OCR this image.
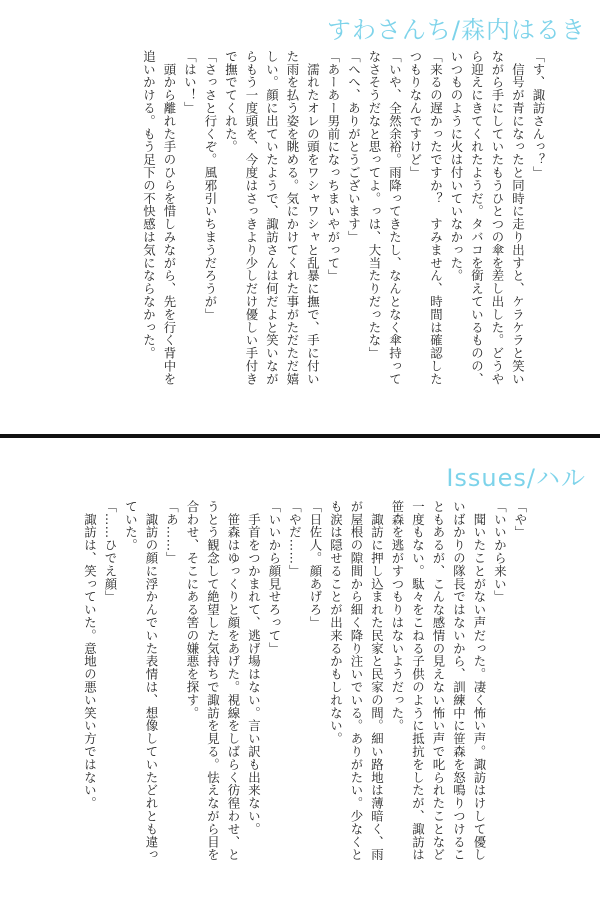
すわさんち/森内はるき
「す、諏訪さんっ？」
　信号が青になったと同時に走り出すと、ケラケラと笑い
ながら手にしていたもうひとつの傘を差し出した。どうや
ら迎えにきてくれたようだ。タバコを銜えているものの、
いつものように火は付いていなかった。
「来るの遅かったですか？　すみません、時間は確認した
つもりなんですけど」
「いや、全然余裕。雨降ってきたし、なんとなく傘持って
なさそうだなと思ってよ。っは、大当たりだったな」
「へへ、ありがとうございます」
「あーあー男前になっちまいやがって」
　濡れたオレの頭をワシャワシャと乱暴に撫で、手に付い
た雨を払う姿を眺める。気にかけてくれた事がただただ嬉
しい。顔に出ていたようで、諏訪さんは何だよと笑いなが
らもう一度頭を、今度はさっきより少しだけ優しい手付き
で撫でてくれた。
「さっさと行くぞ。風邪引いちまうだろうが」
「はい！」
　頭から離れた手のひらを惜しみながら、先を行く背中を
追いかける。もう足下の不快感は気にならなかった。
Issues/ハル
「や」
「いいから来い」
　聞いたことがない声だった。凄く怖い声。諏訪はけして優し
いばかりの隊長ではないから、訓練中に笹森を怒鳴りつけるこ
ともあるが、こんな感情の見えない怖い声で叱られたことなど
一度もない。駄々をこねる子供のように抵抗をしたが、諏訪は
笹森を逃がすつもりはないようだった。
　諏訪に押し込まれた民家と民家の間。細い路地は薄暗く、雨
が屋根の隙間から細く降り注いでいる。ありがたい。少なくと
も涙は隠せることが出来るかもしれない。
「日佐人。顔あげろ」
「やだ……」
「いいから顔見せろって」
　手首をつかまれて、逃げ場はない。言い訳も出来ない。
　笹森はゆっくりと顔をあげた。視線をしばらく彷徨わせ、と
うとう観念して絶望した気持ちで諏訪を見る。怯えながら目を
合わせ、そこにある筈の嫌悪を探す。
「あ……」
　諏訪の顔に浮かんでいた表情は、想像していたどれとも違っ
ていた。
「……ひでえ顔」
　諏訪は、笑っていた。意地の悪い笑い方ではない。
